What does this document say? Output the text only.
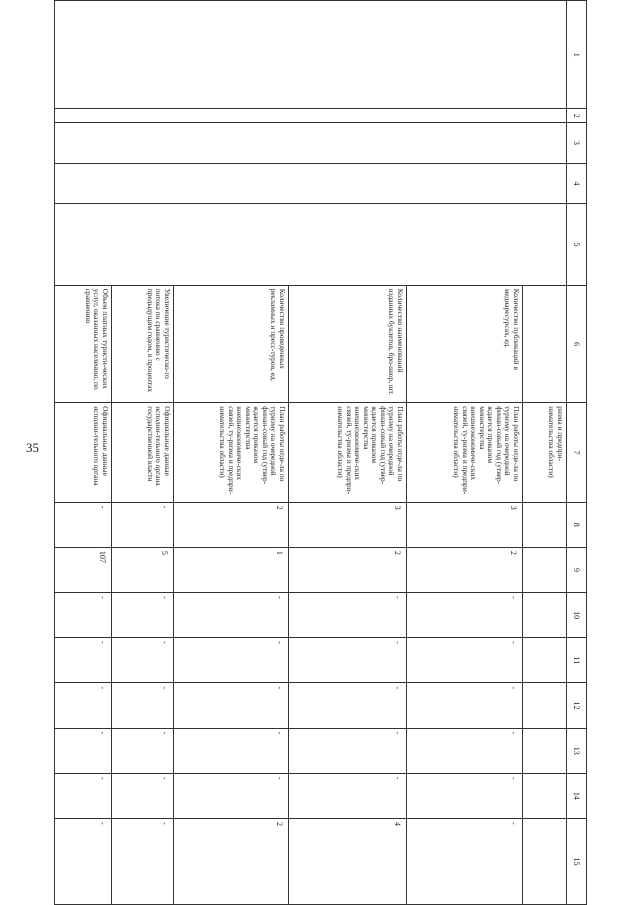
35
1	2	3	4	5	6	7	8	9	10	11	12	13	14	15
						ризма и предпри-нимательства области)								
					Количество публикаций в медиаресурсах, ед.	План работы отде-ла по туризму на очередной финан-совый год (утвер-ждается приказом министерства внешнеэкономиче-ских связей, ту-ризма и предпри-нимательства области)	3	2	-	-	-	-	-	-
					Количество наименований изданных буклетов, бро-шюр, шт.	План работы отде-ла по туризму на очередной финан-совый год (утвер-ждается приказом министерства внешнеэкономиче-ских связей, ту-ризма и предпри-нимательства области)	3	2	-	-	-	-	-	4
					Количество проведенных рекламных и пресс-туров, ед.	План работы отде-ла по туризму на очередной финан-совый год (утвер-ждается приказом министерства внешнеэкономиче-ских связей, ту-ризма и предпри-нимательства области)	2	1	-	-	-	-	-	2
					Увеличение туристическо-го потока по сравнению с предыдущим годом, в процентах	Официальные данные исполни-тельного органа государственной власти	-	5	-	-	-	-	-	-
					Объем платных туристи-ческих услуг, оказанных населению, по сравнению	Официальные данные исполни-тельного органа	-	107	-	-	-	-	-	-
